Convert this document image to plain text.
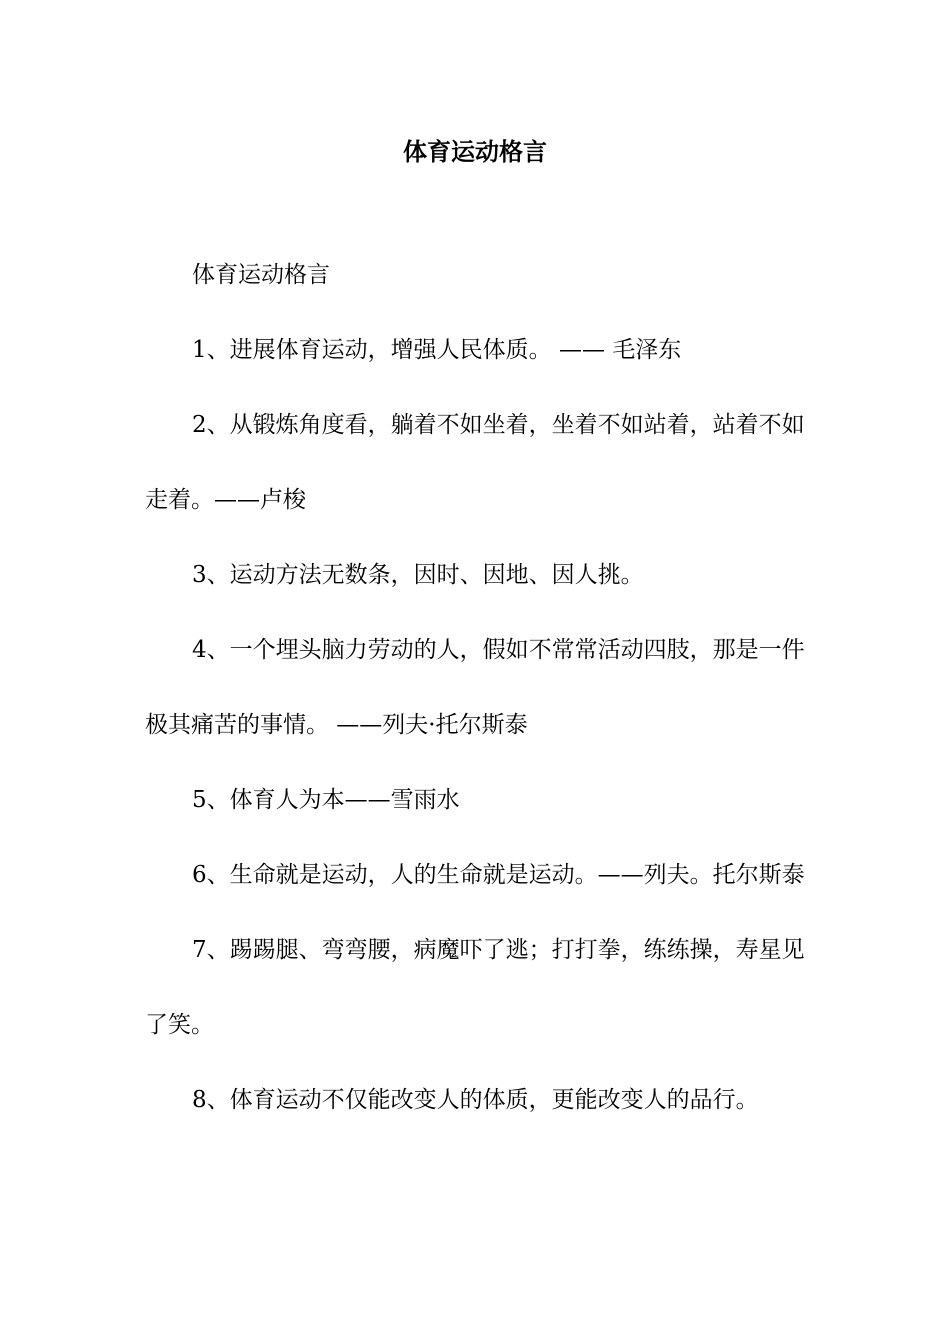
体育运动格言

体育运动格言

1、进展体育运动，增强人民体质。 —— 毛泽东

2、从锻炼角度看，躺着不如坐着，坐着不如站着，站着不如走着。——卢梭

3、运动方法无数条，因时、因地、因人挑。

4、一个埋头脑力劳动的人，假如不常常活动四肢，那是一件极其痛苦的事情。 ——列夫·托尔斯泰

5、体育人为本——雪雨水

6、生命就是运动，人的生命就是运动。——列夫。托尔斯泰

7、踢踢腿、弯弯腰，病魔吓了逃；打打拳，练练操，寿星见了笑。

8、体育运动不仅能改变人的体质，更能改变人的品行。
